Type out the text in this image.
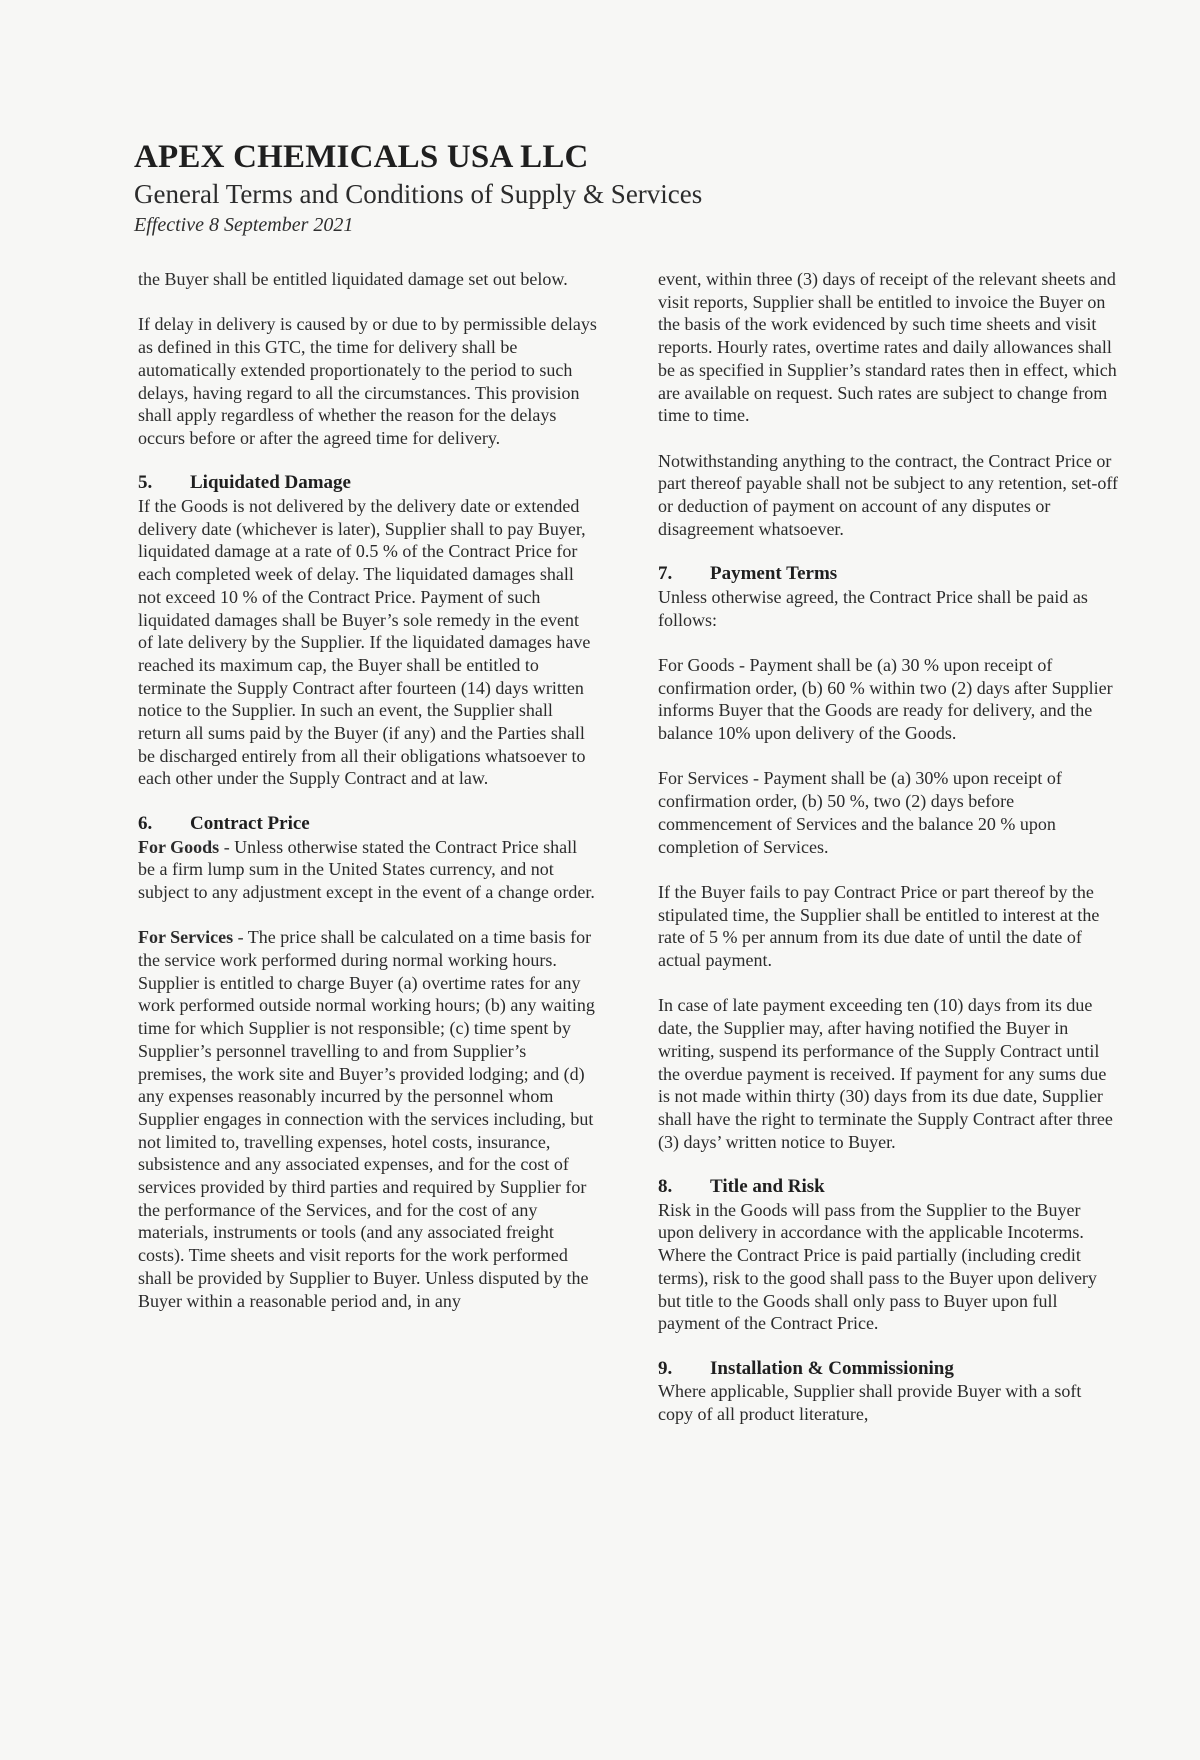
APEX CHEMICALS USA LLC
General Terms and Conditions of Supply & Services
Effective 8 September 2021

the Buyer shall be entitled liquidated damage set out below.

If delay in delivery is caused by or due to by permissible delays as defined in this GTC, the time for delivery shall be automatically extended proportionately to the period to such delays, having regard to all the circumstances. This provision shall apply regardless of whether the reason for the delays occurs before or after the agreed time for delivery.

5. Liquidated Damage

If the Goods is not delivered by the delivery date or extended delivery date (whichever is later), Supplier shall to pay Buyer, liquidated damage at a rate of 0.5 % of the Contract Price for each completed week of delay. The liquidated damages shall not exceed 10 % of the Contract Price. Payment of such liquidated damages shall be Buyer’s sole remedy in the event of late delivery by the Supplier. If the liquidated damages have reached its maximum cap, the Buyer shall be entitled to terminate the Supply Contract after fourteen (14) days written notice to the Supplier. In such an event, the Supplier shall return all sums paid by the Buyer (if any) and the Parties shall be discharged entirely from all their obligations whatsoever to each other under the Supply Contract and at law.

6. Contract Price

For Goods - Unless otherwise stated the Contract Price shall be a firm lump sum in the United States currency, and not subject to any adjustment except in the event of a change order.

For Services - The price shall be calculated on a time basis for the service work performed during normal working hours. Supplier is entitled to charge Buyer (a) overtime rates for any work performed outside normal working hours; (b) any waiting time for which Supplier is not responsible; (c) time spent by Supplier’s personnel travelling to and from Supplier’s premises, the work site and Buyer’s provided lodging; and (d) any expenses reasonably incurred by the personnel whom Supplier engages in connection with the services including, but not limited to, travelling expenses, hotel costs, insurance, subsistence and any associated expenses, and for the cost of services provided by third parties and required by Supplier for the performance of the Services, and for the cost of any materials, instruments or tools (and any associated freight costs). Time sheets and visit reports for the work performed shall be provided by Supplier to Buyer. Unless disputed by the Buyer within a reasonable period and, in any

event, within three (3) days of receipt of the relevant sheets and visit reports, Supplier shall be entitled to invoice the Buyer on the basis of the work evidenced by such time sheets and visit reports. Hourly rates, overtime rates and daily allowances shall be as specified in Supplier’s standard rates then in effect, which are available on request. Such rates are subject to change from time to time.

Notwithstanding anything to the contract, the Contract Price or part thereof payable shall not be subject to any retention, set-off or deduction of payment on account of any disputes or disagreement whatsoever.

7. Payment Terms

Unless otherwise agreed, the Contract Price shall be paid as follows:

For Goods - Payment shall be (a) 30 % upon receipt of confirmation order, (b) 60 % within two (2) days after Supplier informs Buyer that the Goods are ready for delivery, and the balance 10% upon delivery of the Goods.

For Services - Payment shall be (a) 30% upon receipt of confirmation order, (b) 50 %, two (2) days before commencement of Services and the balance 20 % upon completion of Services.

If the Buyer fails to pay Contract Price or part thereof by the stipulated time, the Supplier shall be entitled to interest at the rate of 5 % per annum from its due date of until the date of actual payment.

In case of late payment exceeding ten (10) days from its due date, the Supplier may, after having notified the Buyer in writing, suspend its performance of the Supply Contract until the overdue payment is received. If payment for any sums due is not made within thirty (30) days from its due date, Supplier shall have the right to terminate the Supply Contract after three (3) days’ written notice to Buyer.

8. Title and Risk

Risk in the Goods will pass from the Supplier to the Buyer upon delivery in accordance with the applicable Incoterms. Where the Contract Price is paid partially (including credit terms), risk to the good shall pass to the Buyer upon delivery but title to the Goods shall only pass to Buyer upon full payment of the Contract Price.

9. Installation & Commissioning

Where applicable, Supplier shall provide Buyer with a soft copy of all product literature,
